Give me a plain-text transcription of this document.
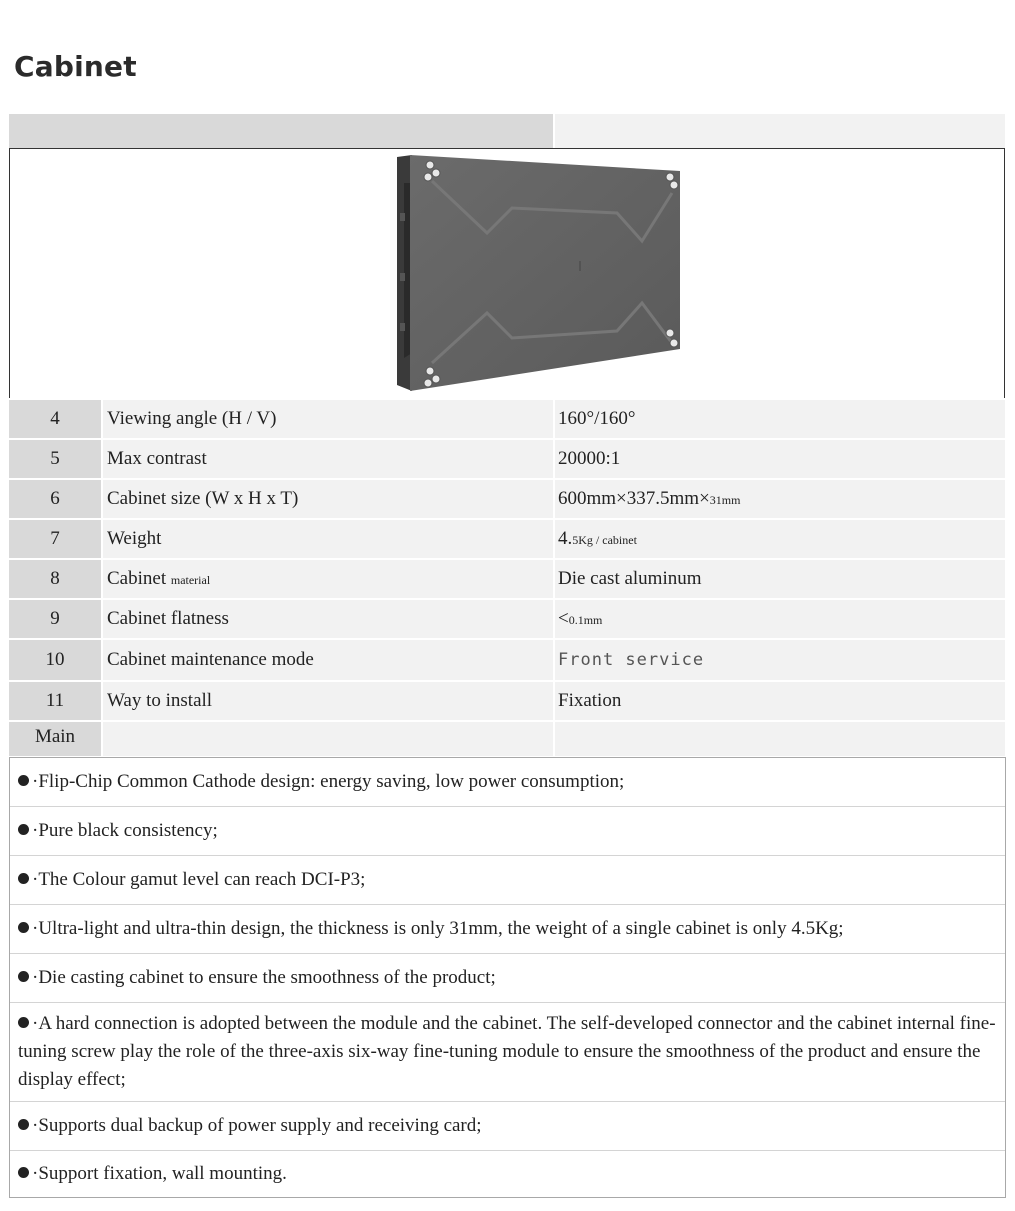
Cabinet
4	Viewing angle (H / V)	160°/160°
5	Max contrast	20000:1
6	Cabinet size (W x H x T)	600mm×337.5mm×31mm
7	Weight	4.5Kg / cabinet
8	Cabinet material	Die cast aluminum
9	Cabinet flatness	<0.1mm
10	Cabinet maintenance mode	Front service
11	Way to install	Fixation
Main
·Flip-Chip Common Cathode design: energy saving, low power consumption;
·Pure black consistency;
·The Colour gamut level can reach DCI-P3;
·Ultra-light and ultra-thin design, the thickness is only 31mm, the weight of a single cabinet is only 4.5Kg;
·Die casting cabinet to ensure the smoothness of the product;
·A hard connection is adopted between the module and the cabinet. The self-developed connector and the cabinet internal fine-tuning screw play the role of the three-axis six-way fine-tuning module to ensure the smoothness of the product and ensure the display effect;
·Supports dual backup of power supply and receiving card;
·Support fixation, wall mounting.
